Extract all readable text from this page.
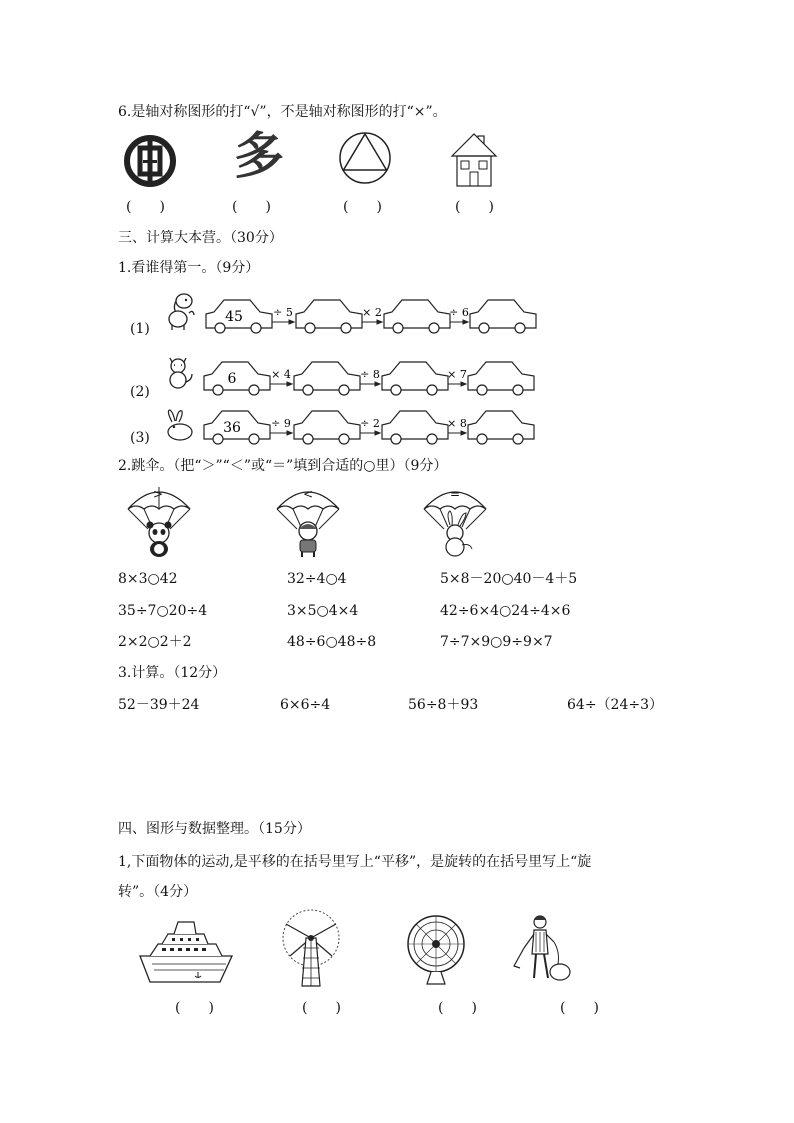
6.是轴对称图形的打“√”，不是轴对称图形的打“×”。
多
(　　)	(　　)	(　　)	(　　)
三、计算大本营。（30分）
1.看谁得第一。（9分）
(1)
45	÷ 5	× 2	÷ 6
(2)
6	× 4	÷ 8	× 7
(3)
36	÷ 9	÷ 2	× 8
2.跳伞。（把“＞”“＜”或“＝”填到合适的○里）（9分）
>	<	=
8×3○42	32÷4○4	5×8－20○40－4＋5
35÷7○20÷4	3×5○4×4	42÷6×4○24÷4×6
2×2○2＋2	48÷6○48÷8	7÷7×9○9÷9×7
3.计算。（12分）
52－39＋24	6×6÷4	56÷8＋93	64÷（24÷3）
四、图形与数据整理。（15分）
1,下面物体的运动,是平移的在括号里写上“平移”，是旋转的在括号里写上“旋
转”。（4分）
(　　)	(　　)	(　　)	(　　)
